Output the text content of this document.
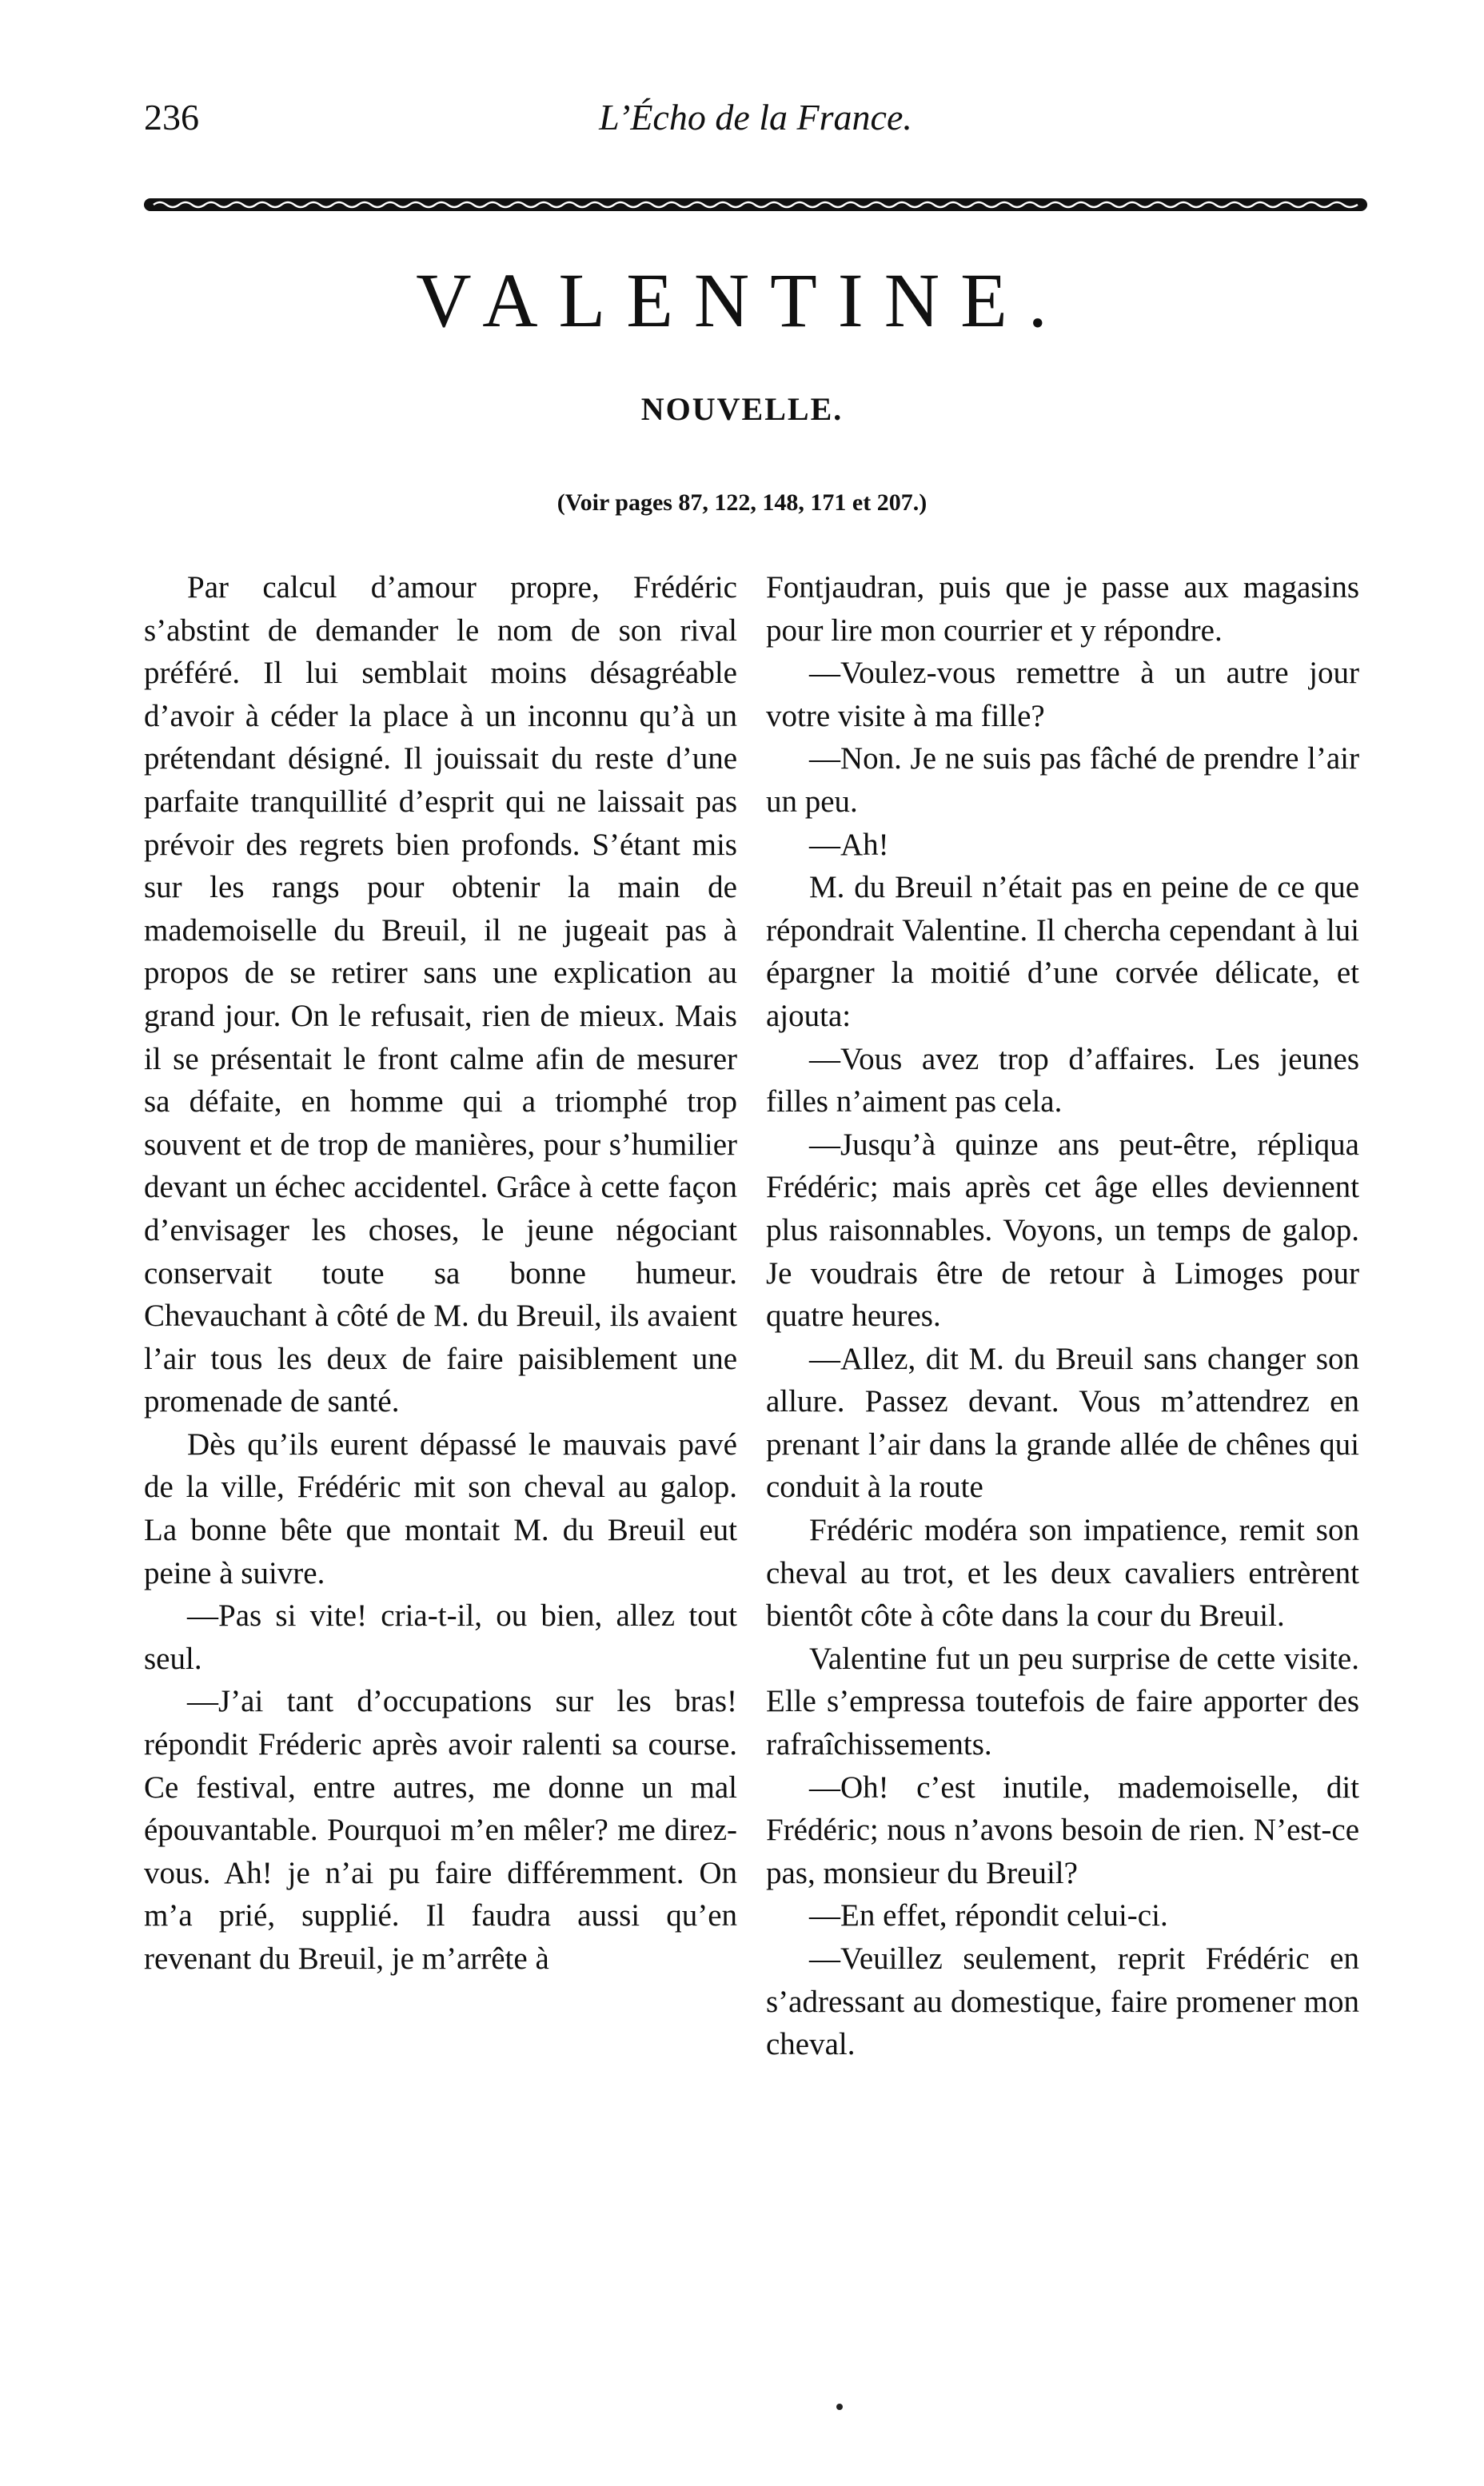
236	L’Écho de la France.
VALENTINE.
NOUVELLE.
(Voir pages 87, 122, 148, 171 et 207.)

Par calcul d’amour propre, Frédéric s’abstint de demander le nom de son rival préféré. Il lui semblait moins désagréable d’avoir à céder la place à un inconnu qu’à un prétendant désigné. Il jouissait du reste d’une parfaite tranquillité d’esprit qui ne laissait pas prévoir des regrets bien profonds. S’étant mis sur les rangs pour obtenir la main de mademoiselle du Breuil, il ne jugeait pas à propos de se retirer sans une explication au grand jour. On le refusait, rien de mieux. Mais il se présentait le front calme afin de mesurer sa défaite, en homme qui a triomphé trop souvent et de trop de manières, pour s’humilier devant un échec accidentel. Grâce à cette façon d’envisager les choses, le jeune négociant conservait toute sa bonne humeur. Chevauchant à côté de M. du Breuil, ils avaient l’air tous les deux de faire paisiblement une promenade de santé.

Dès qu’ils eurent dépassé le mauvais pavé de la ville, Frédéric mit son cheval au galop. La bonne bête que montait M. du Breuil eut peine à suivre.

—Pas si vite! cria-t-il, ou bien, allez tout seul.

—J’ai tant d’occupations sur les bras! répondit Fréderic après avoir ralenti sa course. Ce festival, entre autres, me donne un mal épouvantable. Pourquoi m’en mêler? me direz-vous. Ah! je n’ai pu faire différemment. On m’a prié, supplié. Il faudra aussi qu’en revenant du Breuil, je m’arrête à

Fontjaudran, puis que je passe aux magasins pour lire mon courrier et y répondre.

—Voulez-vous remettre à un autre jour votre visite à ma fille?

—Non. Je ne suis pas fâché de prendre l’air un peu.

—Ah!

M. du Breuil n’était pas en peine de ce que répondrait Valentine. Il chercha cependant à lui épargner la moitié d’une corvée délicate, et ajouta:

—Vous avez trop d’affaires. Les jeunes filles n’aiment pas cela.

—Jusqu’à quinze ans peut-être, répliqua Frédéric; mais après cet âge elles deviennent plus raisonnables. Voyons, un temps de galop. Je voudrais être de retour à Limoges pour quatre heures.

—Allez, dit M. du Breuil sans changer son allure. Passez devant. Vous m’attendrez en prenant l’air dans la grande allée de chênes qui conduit à la route

Frédéric modéra son impatience, remit son cheval au trot, et les deux cavaliers entrèrent bientôt côte à côte dans la cour du Breuil.

Valentine fut un peu surprise de cette visite. Elle s’empressa toutefois de faire apporter des rafraîchissements.

—Oh! c’est inutile, mademoiselle, dit Frédéric; nous n’avons besoin de rien. N’est-ce pas, monsieur du Breuil?

—En effet, répondit celui-ci.

—Veuillez seulement, reprit Frédéric en s’adressant au domestique, faire promener mon cheval.
